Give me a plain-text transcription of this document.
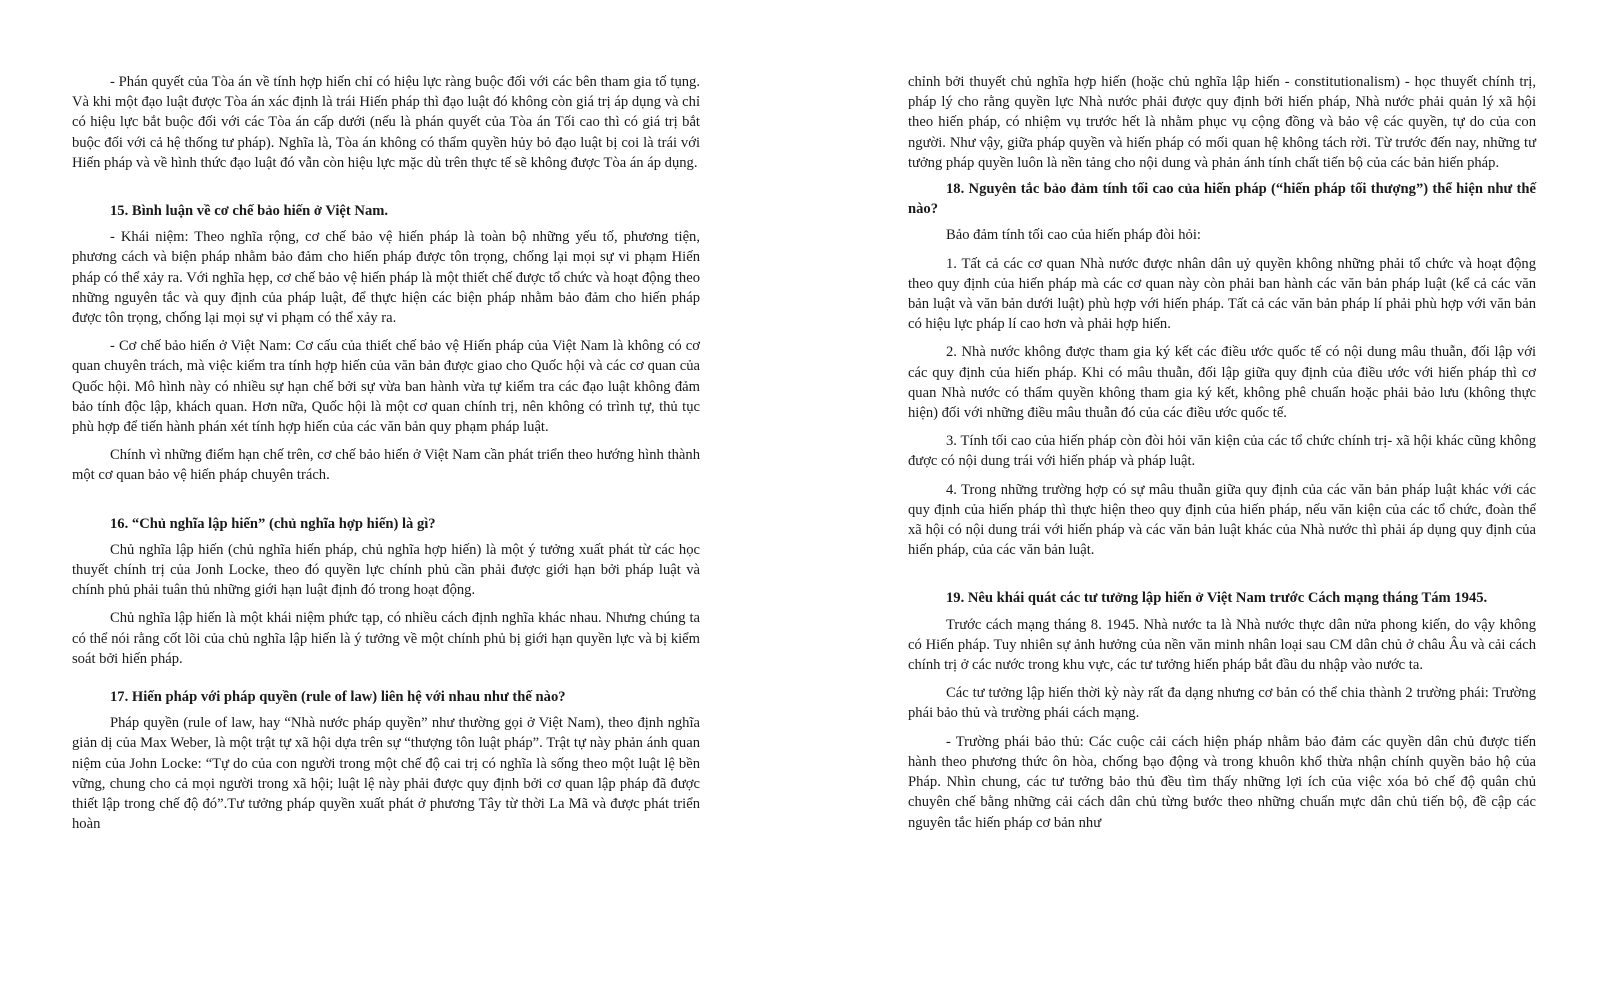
- Phán quyết của Tòa án về tính hợp hiến chỉ có hiệu lực ràng buộc đối với các bên tham gia tố tụng. Và khi một đạo luật được Tòa án xác định là trái Hiến pháp thì đạo luật đó không còn giá trị áp dụng và chỉ có hiệu lực bắt buộc đối với các Tòa án cấp dưới (nếu là phán quyết của Tòa án Tối cao thì có giá trị bắt buộc đối với cả hệ thống tư pháp). Nghĩa là, Tòa án không có thẩm quyền hủy bỏ đạo luật bị coi là trái với Hiến pháp và về hình thức đạo luật đó vẫn còn hiệu lực mặc dù trên thực tế sẽ không được Tòa án áp dụng.

15. Bình luận về cơ chế bảo hiến ở Việt Nam.

- Khái niệm: Theo nghĩa rộng, cơ chế bảo vệ hiến pháp là toàn bộ những yếu tố, phương tiện, phương cách và biện pháp nhằm bảo đảm cho hiến pháp được tôn trọng, chống lại mọi sự vi phạm Hiến pháp có thể xảy ra. Với nghĩa hẹp, cơ chế bảo vệ hiến pháp là một thiết chế được tổ chức và hoạt động theo những nguyên tắc và quy định của pháp luật, để thực hiện các biện pháp nhằm bảo đảm cho hiến pháp được tôn trọng, chống lại mọi sự vi phạm có thể xảy ra.

- Cơ chế bảo hiến ở Việt Nam: Cơ cấu của thiết chế bảo vệ Hiến pháp của Việt Nam là không có cơ quan chuyên trách, mà việc kiểm tra tính hợp hiến của văn bản được giao cho Quốc hội và các cơ quan của Quốc hội. Mô hình này có nhiều sự hạn chế bởi sự vừa ban hành vừa tự kiểm tra các đạo luật không đảm bảo tính độc lập, khách quan. Hơn nữa, Quốc hội là một cơ quan chính trị, nên không có trình tự, thủ tục phù hợp để tiến hành phán xét tính hợp hiến của các văn bản quy phạm pháp luật.

Chính vì những điểm hạn chế trên, cơ chế bảo hiến ở Việt Nam cần phát triển theo hướng hình thành một cơ quan bảo vệ hiến pháp chuyên trách.

16. “Chủ nghĩa lập hiến” (chủ nghĩa hợp hiến) là gì?

Chủ nghĩa lập hiến (chủ nghĩa hiến pháp, chủ nghĩa hợp hiến) là một ý tưởng xuất phát từ các học thuyết chính trị của Jonh Locke, theo đó quyền lực chính phủ cần phải được giới hạn bởi pháp luật và chính phủ phải tuân thủ những giới hạn luật định đó trong hoạt động.

Chủ nghĩa lập hiến là một khái niệm phức tạp, có nhiều cách định nghĩa khác nhau. Nhưng chúng ta có thể nói rằng cốt lõi của chủ nghĩa lập hiến là ý tưởng về một chính phủ bị giới hạn quyền lực và bị kiểm soát bởi hiến pháp.

17. Hiến pháp với pháp quyền (rule of law) liên hệ với nhau như thế nào?

Pháp quyền (rule of law, hay “Nhà nước pháp quyền” như thường gọi ở Việt Nam), theo định nghĩa giản dị của Max Weber, là một trật tự xã hội dựa trên sự “thượng tôn luật pháp”. Trật tự này phản ánh quan niệm của John Locke: “Tự do của con người trong một chế độ cai trị có nghĩa là sống theo một luật lệ bền vững, chung cho cả mọi người trong xã hội; luật lệ này phải được quy định bởi cơ quan lập pháp đã được thiết lập trong chế độ đó”.Tư tưởng pháp quyền xuất phát ở phương Tây từ thời La Mã và được phát triển hoàn

chỉnh bởi thuyết chủ nghĩa hợp hiến (hoặc chủ nghĩa lập hiến - constitutionalism) - học thuyết chính trị, pháp lý cho rằng quyền lực Nhà nước phải được quy định bởi hiến pháp, Nhà nước phải quản lý xã hội theo hiến pháp, có nhiệm vụ trước hết là nhằm phục vụ cộng đồng và bảo vệ các quyền, tự do của con người. Như vậy, giữa pháp quyền và hiến pháp có mối quan hệ không tách rời. Từ trước đến nay, những tư tưởng pháp quyền luôn là nền tảng cho nội dung và phản ánh tính chất tiến bộ của các bản hiến pháp.

18. Nguyên tắc bảo đảm tính tối cao của hiến pháp (“hiến pháp tối thượng”) thể hiện như thế nào?

Bảo đảm tính tối cao của hiến pháp đòi hỏi:

1. Tất cả các cơ quan Nhà nước được nhân dân uỷ quyền không những phải tổ chức và hoạt động theo quy định của hiến pháp mà các cơ quan này còn phải ban hành các văn bản pháp luật (kể cả các văn bản luật và văn bản dưới luật) phù hợp với hiến pháp. Tất cả các văn bản pháp lí phải phù hợp với văn bản có hiệu lực pháp lí cao hơn và phải hợp hiến.

2. Nhà nước không được tham gia ký kết các điều ước quốc tế có nội dung mâu thuẫn, đối lập với các quy định của hiến pháp. Khi có mâu thuẫn, đối lập giữa quy định của điều ước với hiến pháp thì cơ quan Nhà nước có thẩm quyền không tham gia ký kết, không phê chuẩn hoặc phải bảo lưu (không thực hiện) đối với những điều mâu thuẫn đó của các điều ước quốc tế.

3. Tính tối cao của hiến pháp còn đòi hỏi văn kiện của các tổ chức chính trị- xã hội khác cũng không được có nội dung trái với hiến pháp và pháp luật.

4. Trong những trường hợp có sự mâu thuẫn giữa quy định của các văn bản pháp luật khác với các quy định của hiến pháp thì thực hiện theo quy định của hiến pháp, nếu văn kiện của các tổ chức, đoàn thể xã hội có nội dung trái với hiến pháp và các văn bản luật khác của Nhà nước thì phải áp dụng quy định của hiến pháp, của các văn bản luật.

19. Nêu khái quát các tư tưởng lập hiến ở Việt Nam trước Cách mạng tháng Tám 1945.

Trước cách mạng tháng 8. 1945. Nhà nước ta là Nhà nước thực dân nửa phong kiến, do vậy không có Hiến pháp. Tuy nhiên sự ảnh hưởng của nền văn minh nhân loại sau CM dân chủ ở châu Âu và cải cách chính trị ở các nước trong khu vực, các tư tưởng hiến pháp bắt đầu du nhập vào nước ta.

Các tư tưởng lập hiến thời kỳ này rất đa dạng nhưng cơ bản có thể chia thành 2 trường phái: Trường phái bảo thủ và trường phái cách mạng.

- Trường phái bảo thủ: Các cuộc cải cách hiện pháp nhằm bảo đảm các quyền dân chủ được tiến hành theo phương thức ôn hòa, chống bạo động và trong khuôn khổ thừa nhận chính quyền bảo hộ của Pháp. Nhìn chung, các tư tưởng bảo thủ đều tìm thấy những lợi ích của việc xóa bỏ chế độ quân chủ chuyên chế bằng những cải cách dân chủ từng bước theo những chuẩn mực dân chủ tiến bộ, đề cập các nguyên tắc hiến pháp cơ bản như
